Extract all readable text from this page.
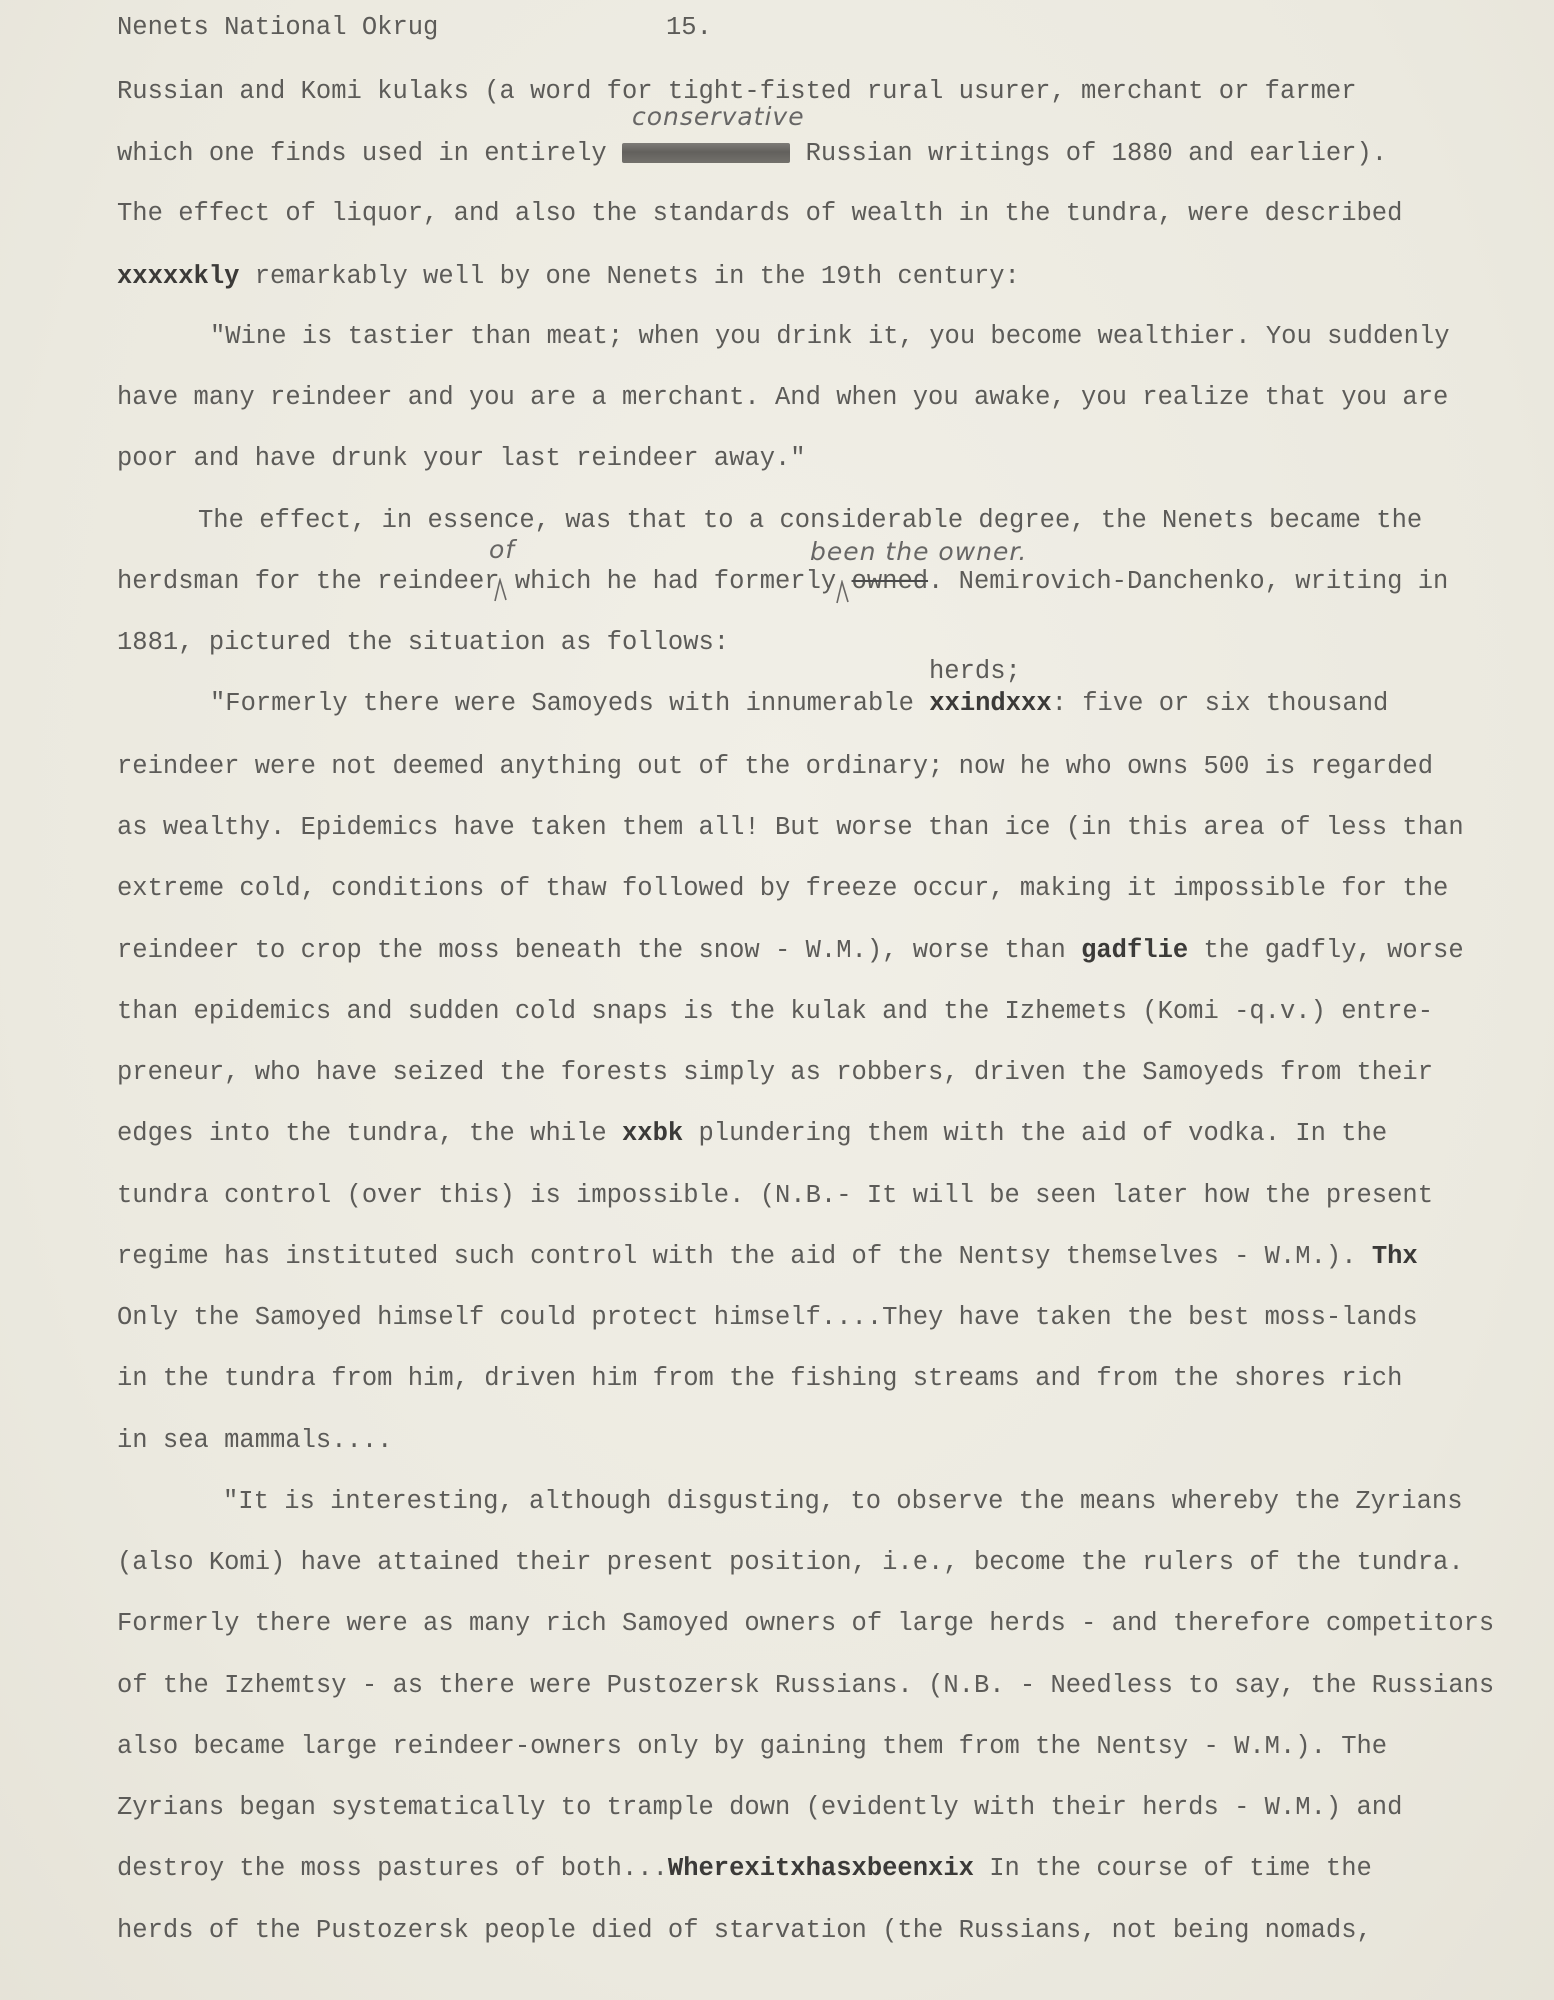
Nenets National Okrug	15.
Russian and Komi kulaks (a word for tight-fisted rural usurer, merchant or farmer
conservative
which one finds used in entirely	Russian writings of 1880 and earlier).
The effect of liquor, and also the standards of wealth in the tundra, were described
xxxxxkly remarkably well by one Nenets in the 19th century:
"Wine is tastier than meat; when you drink it, you become wealthier. You suddenly
have many reindeer and you are a merchant. And when you awake, you realize that you are
poor and have drunk your last reindeer away."
The effect, in essence, was that to a considerable degree, the Nenets became the
of	been the owner.
herdsman for the reindeer which he had formerly owned. Nemirovich-Danchenko, writing in
1881, pictured the situation as follows:
herds;
"Formerly there were Samoyeds with innumerable xxindxxx: five or six thousand
reindeer were not deemed anything out of the ordinary; now he who owns 500 is regarded
as wealthy. Epidemics have taken them all! But worse than ice (in this area of less than
extreme cold, conditions of thaw followed by freeze occur, making it impossible for the
reindeer to crop the moss beneath the snow - W.M.), worse than gadflie the gadfly, worse
than epidemics and sudden cold snaps is the kulak and the Izhemets (Komi -q.v.) entre-
preneur, who have seized the forests simply as robbers, driven the Samoyeds from their
edges into the tundra, the while xxbk plundering them with the aid of vodka. In the
tundra control (over this) is impossible. (N.B.- It will be seen later how the present
regime has instituted such control with the aid of the Nentsy themselves - W.M.). Thx
Only the Samoyed himself could protect himself....They have taken the best moss-lands
in the tundra from him, driven him from the fishing streams and from the shores rich
in sea mammals....
"It is interesting, although disgusting, to observe the means whereby the Zyrians
(also Komi) have attained their present position, i.e., become the rulers of the tundra.
Formerly there were as many rich Samoyed owners of large herds - and therefore competitors
of the Izhemtsy - as there were Pustozersk Russians. (N.B. - Needless to say, the Russians
also became large reindeer-owners only by gaining them from the Nentsy - W.M.). The
Zyrians began systematically to trample down (evidently with their herds - W.M.) and
destroy the moss pastures of both...Wherexitxhasxbeenxix In the course of time the
herds of the Pustozersk people died of starvation (the Russians, not being nomads,
